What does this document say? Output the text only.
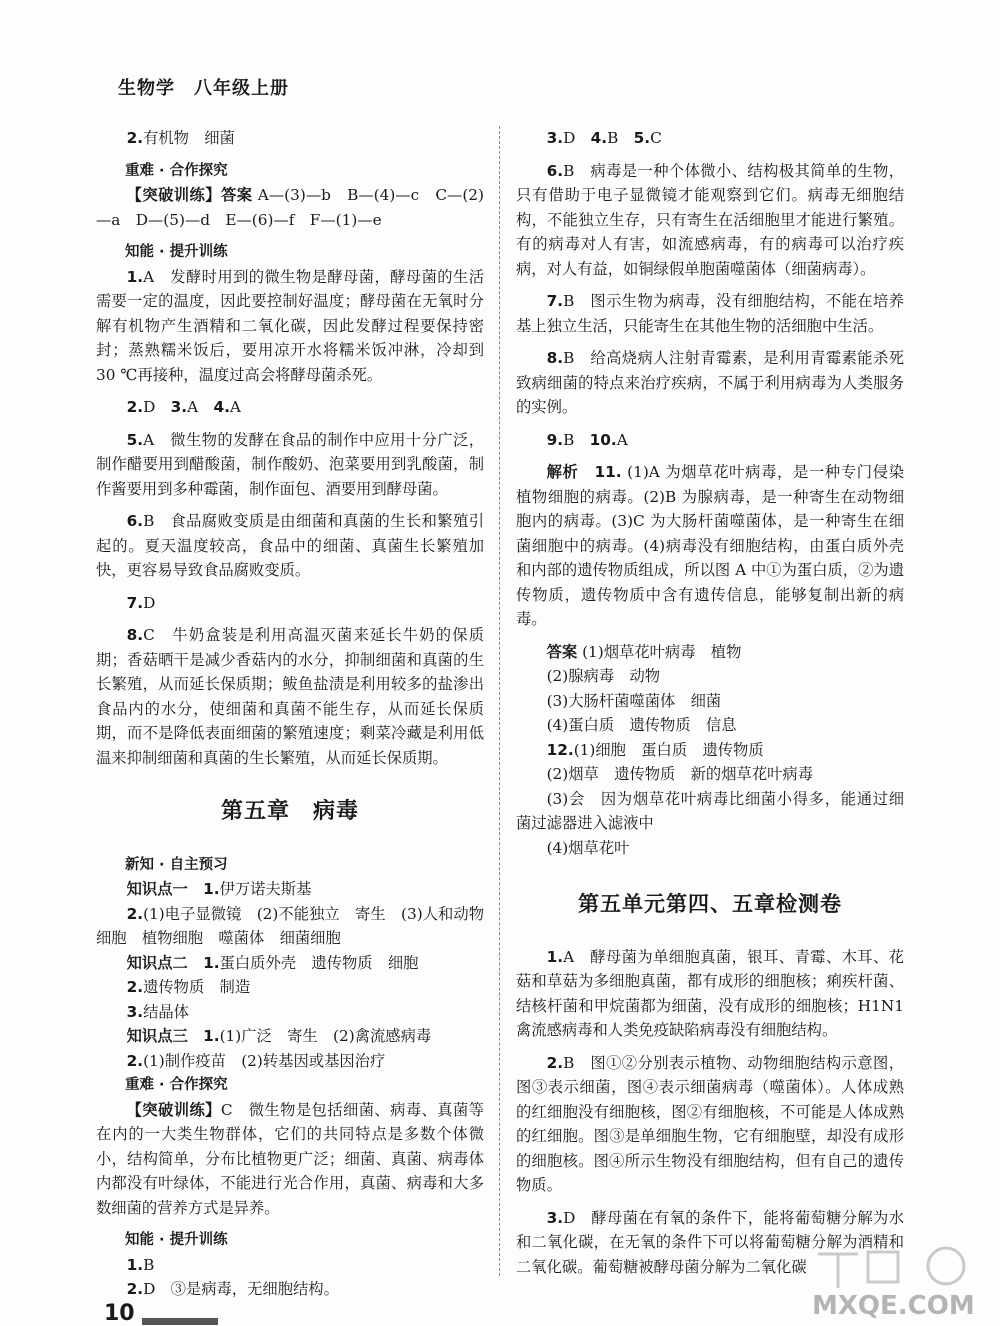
生物学　八年级上册
2.有机物　细菌
重难 · 合作探究
【突破训练】答案 A—(3)—b　B—(4)—c　C—(2)—a　D—(5)—d　E—(6)—f　F—(1)—e
知能 · 提升训练
1.A　发酵时用到的微生物是酵母菌，酵母菌的生活需要一定的温度，因此要控制好温度；酵母菌在无氧时分解有机物产生酒精和二氧化碳，因此发酵过程要保持密封；蒸熟糯米饭后，要用凉开水将糯米饭冲淋，冷却到 30 ℃再接种，温度过高会将酵母菌杀死。
2.D　3.A　4.A
5.A　微生物的发酵在食品的制作中应用十分广泛，制作醋要用到醋酸菌，制作酸奶、泡菜要用到乳酸菌，制作酱要用到多种霉菌，制作面包、酒要用到酵母菌。
6.B　食品腐败变质是由细菌和真菌的生长和繁殖引起的。夏天温度较高，食品中的细菌、真菌生长繁殖加快，更容易导致食品腐败变质。
7.D
8.C　牛奶盒装是利用高温灭菌来延长牛奶的保质期；香菇晒干是减少香菇内的水分，抑制细菌和真菌的生长繁殖，从而延长保质期；鲅鱼盐渍是利用较多的盐渗出食品内的水分，使细菌和真菌不能生存，从而延长保质期，而不是降低表面细菌的繁殖速度；剩菜冷藏是利用低温来抑制细菌和真菌的生长繁殖，从而延长保质期。
第五章　病毒
新知 · 自主预习
知识点一　 1.伊万诺夫斯基
2.(1)电子显微镜　(2)不能独立　寄生　(3)人和动物细胞　植物细胞　噬菌体　细菌细胞
知识点二　 1.蛋白质外壳　遗传物质　细胞
2.遗传物质　制造
3.结晶体
知识点三　 1.(1)广泛　寄生　(2)禽流感病毒
2.(1)制作疫苗　(2)转基因或基因治疗
重难 · 合作探究
【突破训练】C　微生物是包括细菌、病毒、真菌等在内的一大类生物群体，它们的共同特点是多数个体微小，结构简单，分布比植物更广泛；细菌、真菌、病毒体内都没有叶绿体，不能进行光合作用，真菌、病毒和大多数细菌的营养方式是异养。
知能 · 提升训练
1.B
2.D　③是病毒，无细胞结构。
3.D　4.B　5.C
6.B　病毒是一种个体微小、结构极其简单的生物，只有借助于电子显微镜才能观察到它们。病毒无细胞结构，不能独立生存，只有寄生在活细胞里才能进行繁殖。有的病毒对人有害，如流感病毒，有的病毒可以治疗疾病，对人有益，如铜绿假单胞菌噬菌体（细菌病毒）。
7.B　图示生物为病毒，没有细胞结构，不能在培养基上独立生活，只能寄生在其他生物的活细胞中生活。
8.B　给高烧病人注射青霉素，是利用青霉素能杀死致病细菌的特点来治疗疾病，不属于利用病毒为人类服务的实例。
9.B　10.A
解析　 11. (1)A 为烟草花叶病毒，是一种专门侵染植物细胞的病毒。(2)B 为腺病毒，是一种寄生在动物细胞内的病毒。(3)C 为大肠杆菌噬菌体，是一种寄生在细菌细胞中的病毒。(4)病毒没有细胞结构，由蛋白质外壳和内部的遗传物质组成，所以图 A 中①为蛋白质，②为遗传物质，遗传物质中含有遗传信息，能够复制出新的病毒。
答案 (1)烟草花叶病毒　植物
(2)腺病毒　动物
(3)大肠杆菌噬菌体　细菌
(4)蛋白质　遗传物质　信息
12.(1)细胞　蛋白质　遗传物质
(2)烟草　遗传物质　新的烟草花叶病毒
(3)会　因为烟草花叶病毒比细菌小得多，能通过细菌过滤器进入滤液中
(4)烟草花叶
第五单元第四、五章检测卷
1.A　酵母菌为单细胞真菌，银耳、青霉、木耳、花菇和草菇为多细胞真菌，都有成形的细胞核；痢疾杆菌、结核杆菌和甲烷菌都为细菌，没有成形的细胞核；H1N1 禽流感病毒和人类免疫缺陷病毒没有细胞结构。
2.B　图①②分别表示植物、动物细胞结构示意图，图③表示细菌，图④表示细菌病毒（噬菌体）。人体成熟的红细胞没有细胞核，图②有细胞核，不可能是人体成熟的红细胞。图③是单细胞生物，它有细胞壁，却没有成形的细胞核。图④所示生物没有细胞结构，但有自己的遗传物质。
3.D　酵母菌在有氧的条件下，能将葡萄糖分解为水和二氧化碳，在无氧的条件下可以将葡萄糖分解为酒精和二氧化碳。葡萄糖被酵母菌分解为二氧化碳
10	MXQE.COM
